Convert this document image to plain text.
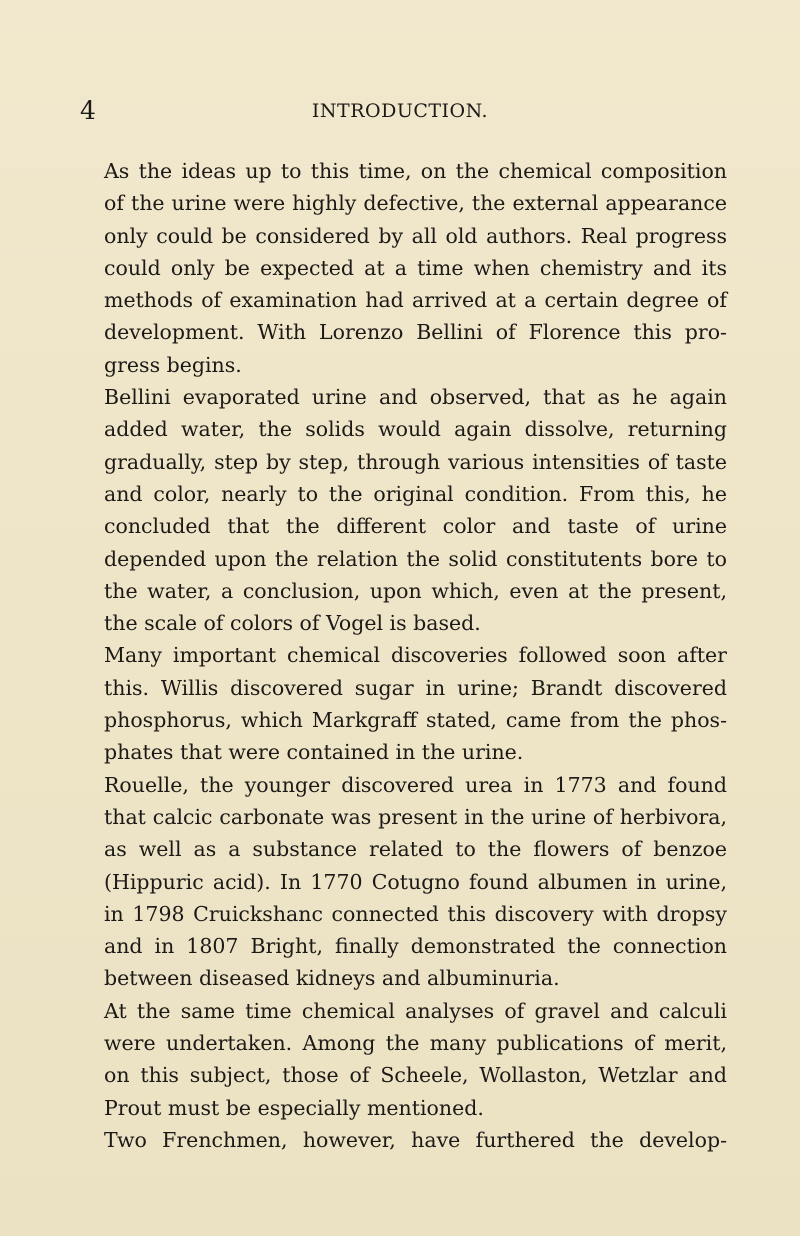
4	INTRODUCTION.

As the ideas up to this time, on the chemical composition
of the urine were highly defective, the external appearance
only could be considered by all old authors. Real progress
could only be expected at a time when chemistry and its
methods of examination had arrived at a certain degree of
development. With Lorenzo Bellini of Florence this pro-
gress begins.

Bellini evaporated urine and observed, that as he again
added water, the solids would again dissolve, returning
gradually, step by step, through various intensities of taste
and color, nearly to the original condition. From this, he
concluded that the different color and taste of urine
depended upon the relation the solid constitutents bore to
the water, a conclusion, upon which, even at the present,
the scale of colors of Vogel is based.

Many important chemical discoveries followed soon after
this. Willis discovered sugar in urine; Brandt discovered
phosphorus, which Markgraff stated, came from the phos-
phates that were contained in the urine.

Rouelle, the younger discovered urea in 1773 and found
that calcic carbonate was present in the urine of herbivora,
as well as a substance related to the flowers of benzoe
(Hippuric acid). In 1770 Cotugno found albumen in urine,
in 1798 Cruickshanc connected this discovery with dropsy
and in 1807 Bright, finally demonstrated the connection
between diseased kidneys and albuminuria.

At the same time chemical analyses of gravel and calculi
were undertaken. Among the many publications of merit,
on this subject, those of Scheele, Wollaston, Wetzlar and
Prout must be especially mentioned.

Two Frenchmen, however, have furthered the develop-
